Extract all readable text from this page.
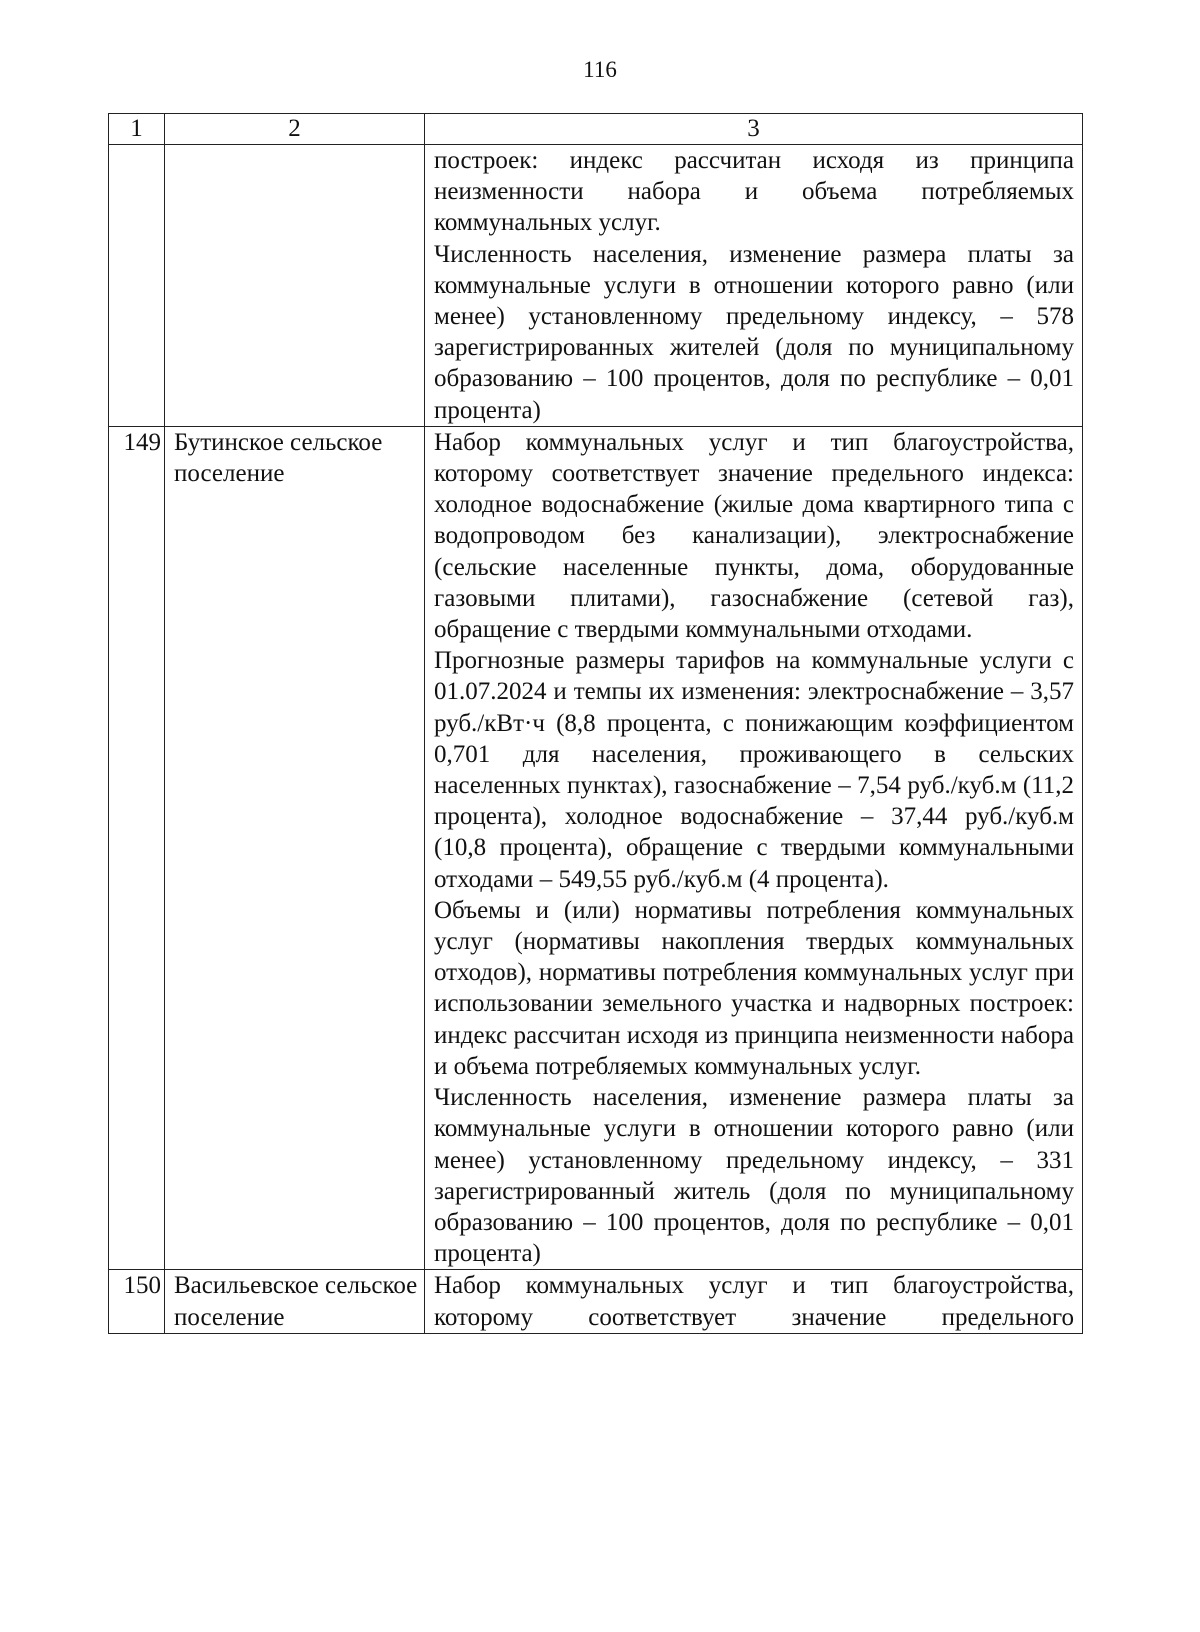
116
1	2	3

		построек: индекс рассчитан исходя из принципа неизменности набора и объема потребляемых коммунальных услуг.

Численность населения, изменение размера платы за коммунальные услуги в отношении которого равно (или менее) установленному предельному индексу, – 578 зарегистрированных жителей (доля по муниципальному образованию – 100 процентов, доля по республике – 0,01 процента)

149	Бутинское сельское поселение	Набор коммунальных услуг и тип благоустройства, которому соответствует значение предельного индекса: холодное водоснабжение (жилые дома квартирного типа с водопроводом без канализации), электроснабжение (сельские населенные пункты, дома, оборудованные газовыми плитами), газоснабжение (сетевой газ), обращение с твердыми коммунальными отходами.

Прогнозные размеры тарифов на коммунальные услуги с 01.07.2024 и темпы их изменения: электроснабжение – 3,57 руб./кВт·ч (8,8 процента, с понижающим коэффициентом 0,701 для населения, проживающего в сельских населенных пунктах), газоснабжение – 7,54 руб./куб.м (11,2 процента), холодное водоснабжение – 37,44 руб./куб.м (10,8 процента), обращение с твердыми коммунальными отходами – 549,55 руб./куб.м (4 процента).

Объемы и (или) нормативы потребления коммунальных услуг (нормативы накопления твердых коммунальных отходов), нормативы потребления коммунальных услуг при использовании земельного участка и надворных построек: индекс рассчитан исходя из принципа неизменности набора и объема потребляемых коммунальных услуг.

Численность населения, изменение размера платы за коммунальные услуги в отношении которого равно (или менее) установленному предельному индексу, – 331 зарегистрированный житель (доля по муниципальному образованию – 100 процентов, доля по республике – 0,01 процента)

150	Васильевское сельское поселение	Набор коммунальных услуг и тип благоустройства, которому соответствует значение предельного
